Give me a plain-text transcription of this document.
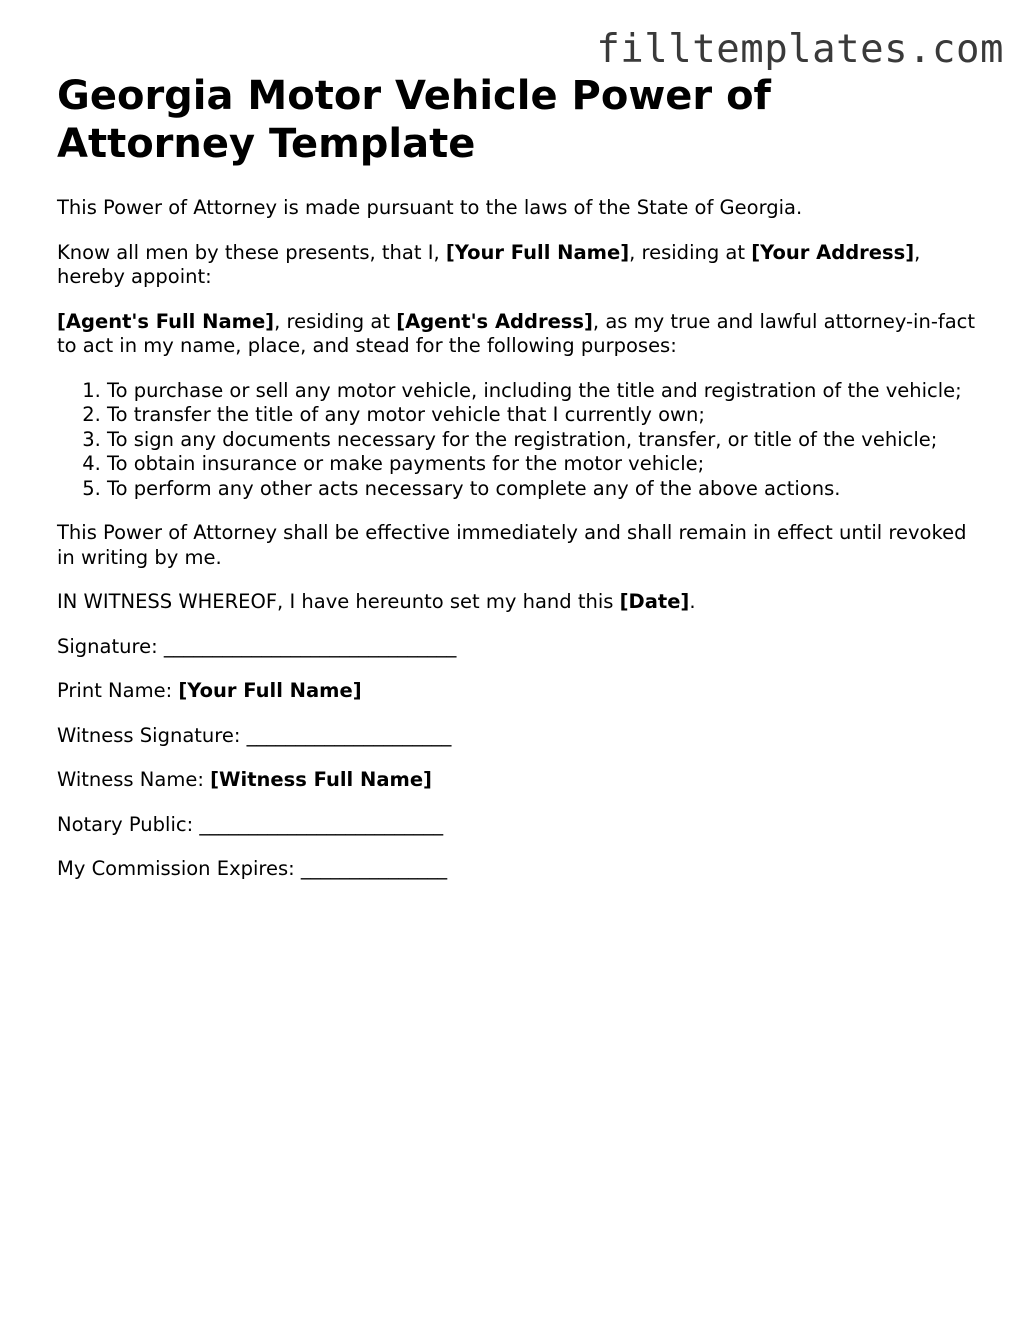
filltemplates.com
Georgia Motor Vehicle Power of Attorney Template

This Power of Attorney is made pursuant to the laws of the State of Georgia.

Know all men by these presents, that I, [Your Full Name], residing at [Your Address], hereby appoint:

[Agent's Full Name], residing at [Agent's Address], as my true and lawful attorney-in-fact to act in my name, place, and stead for the following purposes:

1. To purchase or sell any motor vehicle, including the title and registration of the vehicle;
2. To transfer the title of any motor vehicle that I currently own;
3. To sign any documents necessary for the registration, transfer, or title of the vehicle;
4. To obtain insurance or make payments for the motor vehicle;
5. To perform any other acts necessary to complete any of the above actions.

This Power of Attorney shall be effective immediately and shall remain in effect until revoked in writing by me.

IN WITNESS WHEREOF, I have hereunto set my hand this [Date].

Signature: ______________________________

Print Name: [Your Full Name]

Witness Signature: _____________________

Witness Name: [Witness Full Name]

Notary Public: _________________________

My Commission Expires: _______________
